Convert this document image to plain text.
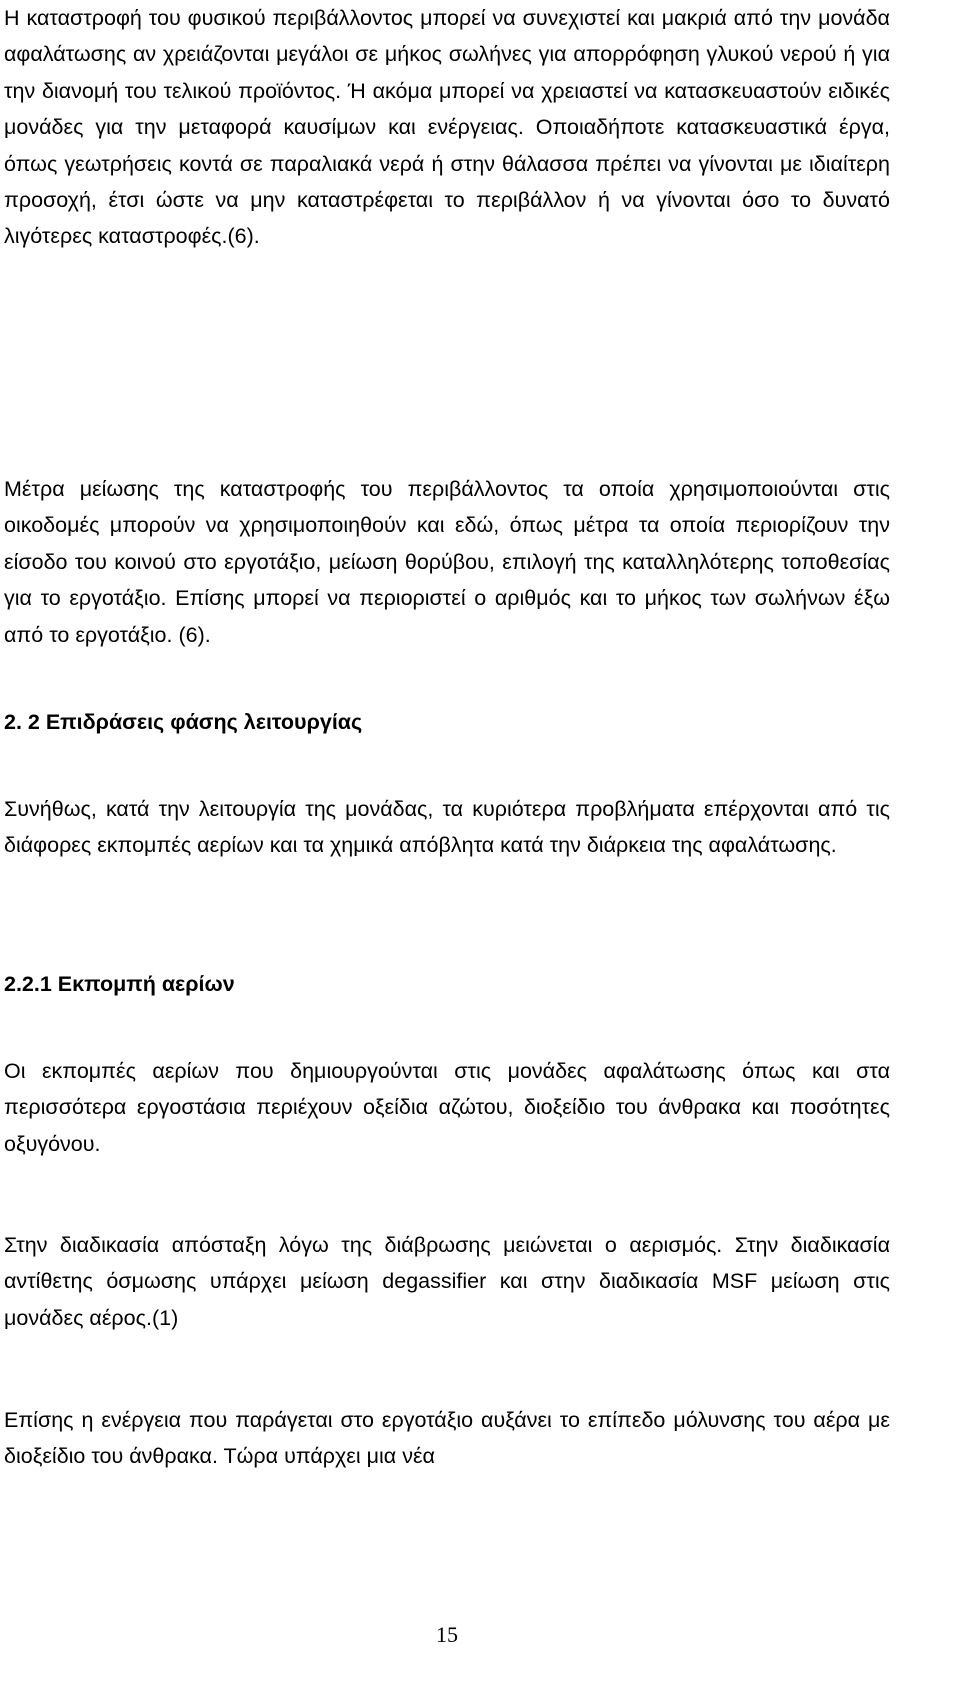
Η καταστροφή του φυσικού περιβάλλοντος μπορεί να συνεχιστεί και μακριά από την μονάδα αφαλάτωσης αν χρειάζονται μεγάλοι σε μήκος σωλήνες για απορρόφηση γλυκού νερού ή για την διανομή του τελικού προϊόντος. Ή ακόμα μπορεί να χρειαστεί να κατασκευαστούν ειδικές μονάδες για την μεταφορά καυσίμων και ενέργειας. Οποιαδήποτε κατασκευαστικά έργα, όπως γεωτρήσεις κοντά σε παραλιακά νερά ή στην θάλασσα πρέπει να γίνονται με ιδιαίτερη προσοχή, έτσι ώστε να μην καταστρέφεται το περιβάλλον ή να γίνονται όσο το δυνατό λιγότερες καταστροφές.(6).

Μέτρα μείωσης της καταστροφής του περιβάλλοντος τα οποία χρησιμοποιούνται στις οικοδομές μπορούν να χρησιμοποιηθούν και εδώ, όπως μέτρα τα οποία περιορίζουν την είσοδο του κοινού στο εργοτάξιο, μείωση θορύβου, επιλογή της καταλληλότερης τοποθεσίας για το εργοτάξιο. Επίσης μπορεί να περιοριστεί ο αριθμός και το μήκος των σωλήνων έξω από το εργοτάξιο. (6).

2. 2 Επιδράσεις φάσης λειτουργίας

Συνήθως, κατά την λειτουργία της μονάδας, τα κυριότερα προβλήματα επέρχονται από τις διάφορες εκπομπές αερίων και τα χημικά απόβλητα κατά την διάρκεια της αφαλάτωσης.

2.2.1 Εκπομπή αερίων

Οι εκπομπές αερίων που δημιουργούνται στις μονάδες αφαλάτωσης όπως και στα περισσότερα εργοστάσια περιέχουν οξείδια αζώτου, διοξείδιο του άνθρακα και ποσότητες οξυγόνου.

Στην διαδικασία απόσταξη λόγω της διάβρωσης μειώνεται ο αερισμός. Στην διαδικασία αντίθετης όσμωσης υπάρχει μείωση degassifier και στην διαδικασία MSF μείωση στις μονάδες αέρος.(1)

Επίσης η ενέργεια που παράγεται στο εργοτάξιο αυξάνει το επίπεδο μόλυνσης του αέρα με διοξείδιο του άνθρακα. Τώρα υπάρχει μια νέα

15
